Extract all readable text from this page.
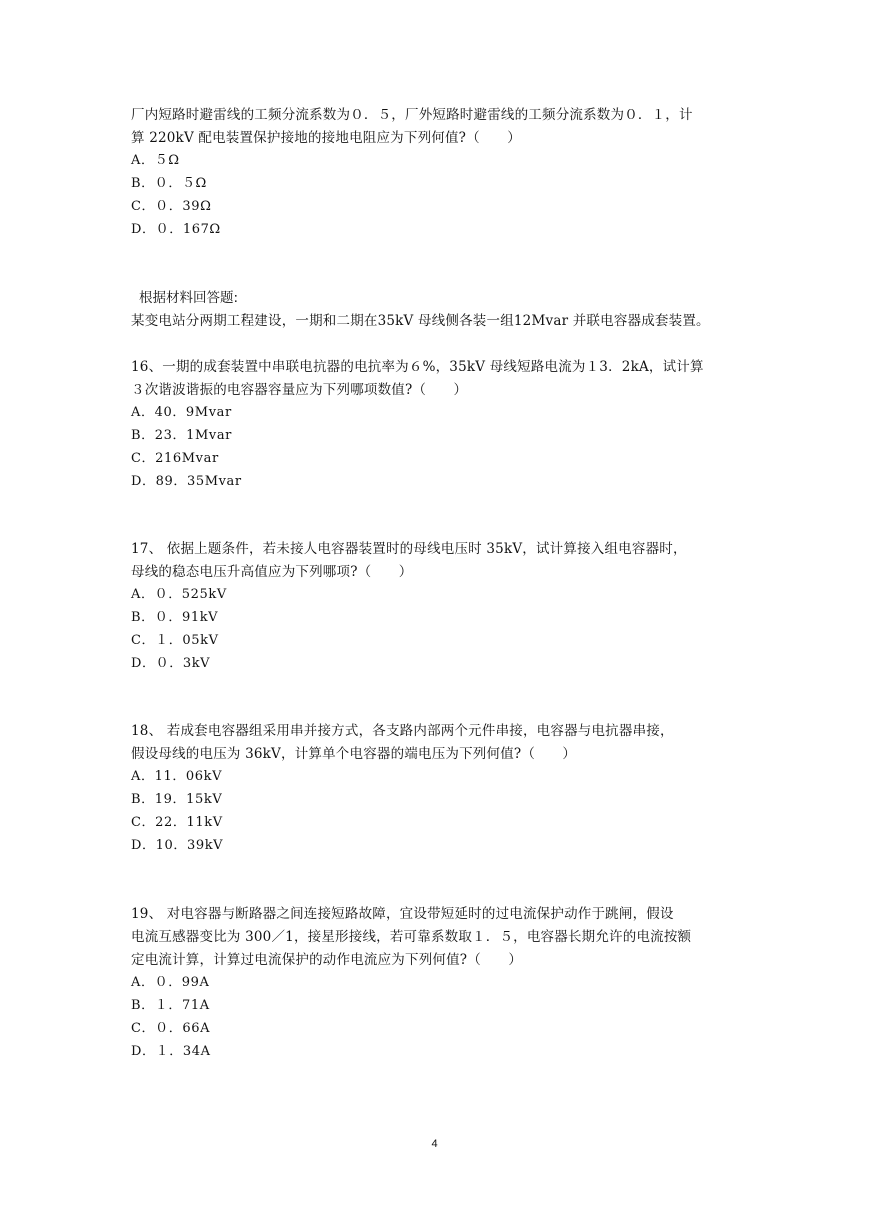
厂内短路时避雷线的工频分流系数为０．５，厂外短路时避雷线的工频分流系数为０．１，计
算 220kV 配电装置保护接地的接地电阻应为下列何值?（　　）
A．５Ω
B．０．５Ω
C．０．39Ω
D．０．167Ω
根据材料回答题:
某变电站分两期工程建设，一期和二期在35kV 母线侧各装一组12Mvar 并联电容器成套装置。
16、一期的成套装置中串联电抗器的电抗率为６%，35kV 母线短路电流为１3．2kA，试计算
３次谐波谐振的电容器容量应为下列哪项数值?（　　）
A．40．9Mvar
B．23．1Mvar
C．216Mvar
D．89．35Mvar
17、 依据上题条件，若未接人电容器装置时的母线电压时 35kV，试计算接入组电容器时，
母线的稳态电压升高值应为下列哪项?（　　）
A．０．525kV
B．０．91kV
C．１．05kV
D．０．3kV
18、 若成套电容器组采用串并接方式，各支路内部两个元件串接，电容器与电抗器串接，
假设母线的电压为 36kV，计算单个电容器的端电压为下列何值?（　　）
A．11．06kV
B．19．15kV
C．22．11kV
D．10．39kV
19、 对电容器与断路器之间连接短路故障，宜设带短延时的过电流保护动作于跳闸，假设
电流互感器变比为 300／1，接星形接线，若可靠系数取１．５，电容器长期允许的电流按额
定电流计算，计算过电流保护的动作电流应为下列何值?（　　）
A．０．99A
B．１．71A
C．０．66A
D．１．34A
4
